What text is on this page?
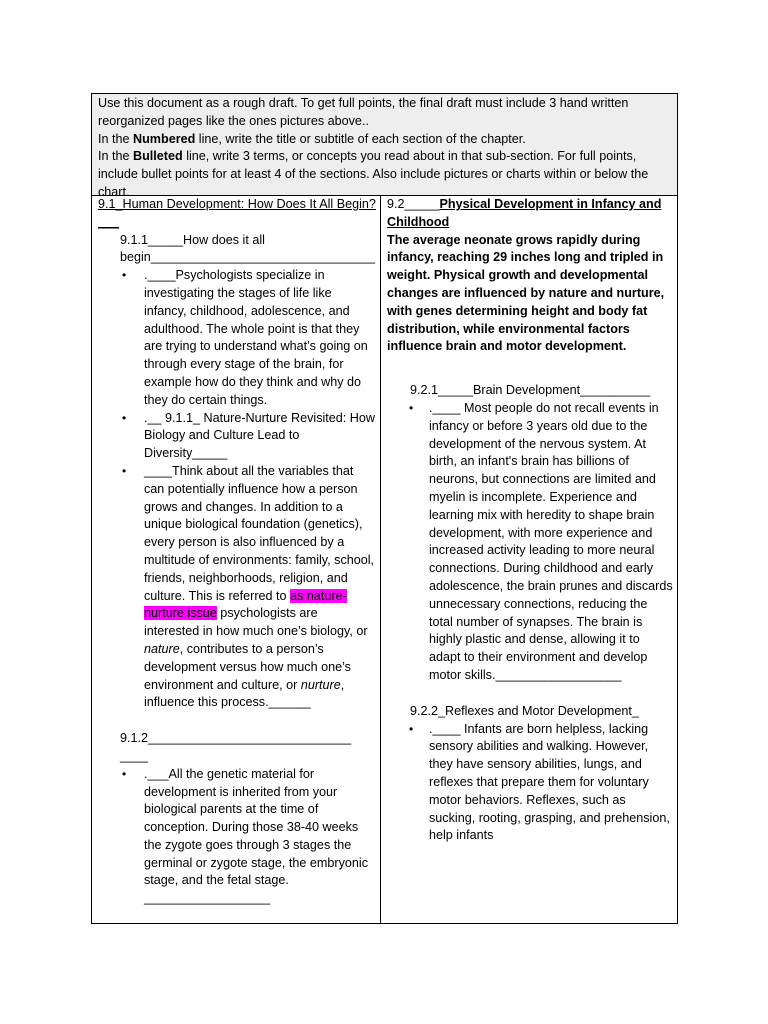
Use this document as a rough draft. To get full points, the final draft must include 3 hand written reorganized pages like the ones pictures above..

In the Numbered line, write the title or subtitle of each section of the chapter.

In the Bulleted line, write 3 terms, or concepts you read about in that sub-section. For full points, include bullet points for at least 4 of the sections. Also include pictures or charts within or below the chart.

9.1_Human Development: How Does It All Begin?___

9.1.1_____How does it all begin________________________________

• .____Psychologists specialize in investigating the stages of life like infancy, childhood, adolescence, and adulthood. The whole point is that they are trying to understand what’s going on through every stage of the brain, for example how do they think and why do they do certain things.
• .__ 9.1.1_ Nature-Nurture Revisited: How Biology and Culture Lead to Diversity_____
• ____Think about all the variables that can potentially influence how a person grows and changes. In addition to a unique biological foundation (genetics), every person is also influenced by a multitude of environments: family, school, friends, neighborhoods, religion, and culture. This is referred to as nature-nurture issue psychologists are interested in how much one’s biology, or nature, contributes to a person’s development versus how much one’s environment and culture, or nurture, influence this process.______

9.1.2_____________________________ ____

• .___All the genetic material for development is inherited from your biological parents at the time of conception. During those 38-40 weeks the zygote goes through 3 stages the germinal or zygote stage, the embryonic stage, and the fetal stage. __________________

9.2_____Physical Development in Infancy and Childhood

The average neonate grows rapidly during infancy, reaching 29 inches long and tripled in weight. Physical growth and developmental changes are influenced by nature and nurture, with genes determining height and body fat distribution, while environmental factors influence brain and motor development.

9.2.1_____Brain Development__________

• .____ Most people do not recall events in infancy or before 3 years old due to the development of the nervous system. At birth, an infant's brain has billions of neurons, but connections are limited and myelin is incomplete. Experience and learning mix with heredity to shape brain development, with more experience and increased activity leading to more neural connections. During childhood and early adolescence, the brain prunes and discards unnecessary connections, reducing the total number of synapses. The brain is highly plastic and dense, allowing it to adapt to their environment and develop motor skills.__________________

9.2.2_Reflexes and Motor Development_

• .____ Infants are born helpless, lacking sensory abilities and walking. However, they have sensory abilities, lungs, and reflexes that prepare them for voluntary motor behaviors. Reflexes, such as sucking, rooting, grasping, and prehension, help infants
